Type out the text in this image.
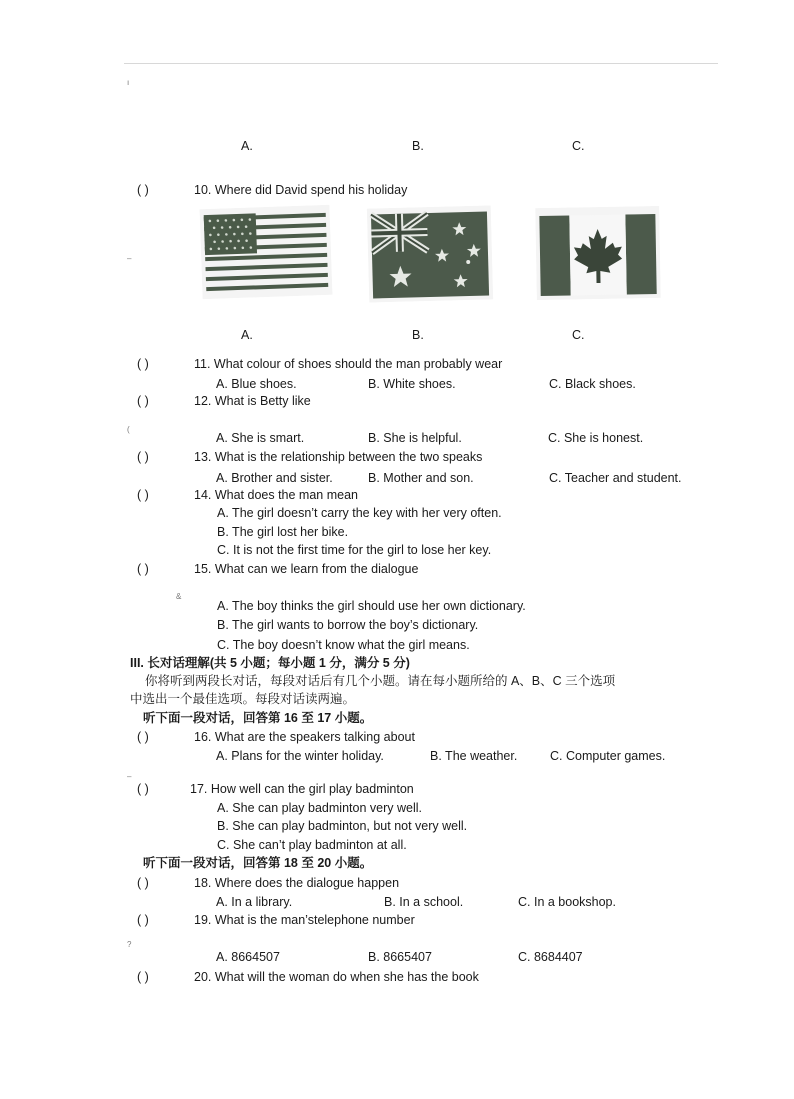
ı
A.	B.	C.
( )	10. Where did David spend his holiday
–
A.	B.	C.
( )	11. What colour of shoes should the man probably wear
A. Blue shoes.	B. White shoes.	C. Black shoes.
( )	12. What is Betty like
(
A. She is smart.	B. She is helpful.	C. She is honest.
( )	13. What is the relationship between the two speaks
A. Brother and sister.	B. Mother and son.	C. Teacher and student.
( )	14. What does the man mean
A. The girl doesn’t carry the key with her very often.
B. The girl lost her bike.
C. It is not the first time for the girl to lose her key.
( )	15. What can we learn from the dialogue
&
A. The boy thinks the girl should use her own dictionary.
B. The girl wants to borrow the boy’s dictionary.
C. The boy doesn’t know what the girl means.
III. 长对话理解(共 5 小题；每小题 1 分，满分 5 分)
你将听到两段长对话，每段对话后有几个小题。请在每小题所给的 A、B、C 三个选项
中选出一个最佳选项。每段对话读两遍。
听下面一段对话，回答第 16 至 17 小题。
( )	16. What are the speakers talking about
A. Plans for the winter holiday.	B. The weather.	C. Computer games.
–
( )	17. How well can the girl play badminton
A. She can play badminton very well.
B. She can play badminton, but not very well.
C. She can’t play badminton at all.
听下面一段对话，回答第 18 至 20 小题。
( )	18. Where does the dialogue happen
A. In a library.	B. In a school.	C. In a bookshop.
( )	19. What is the man’stelephone number
?
A. 8664507	B. 8665407	C. 8684407
( )	20. What will the woman do when she has the book
